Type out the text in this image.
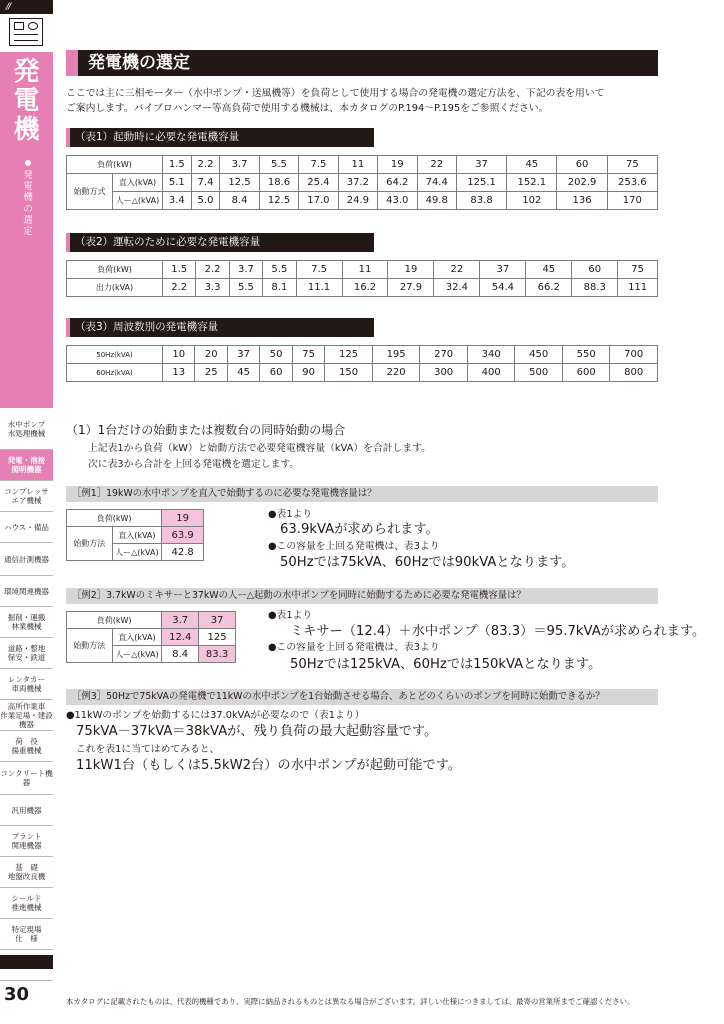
//
発
電
機
発
電
機
の
選
定
水中ポンプ
水処理機械
発電・溶接
照明機器
コンプレッサ
エア機械
ハウス・備品
通信計測機器
環境関連機器
掘削・運搬
林業機械
道路・整地
保安・鉄道
レンタカー
車両機械
高所作業車
作業足場・建設機器
荷　役
揚重機械
コンクリート機器
汎用機器
プラント
関連機器
基　礎
地盤改良機
シールド
推進機械
特定現場
仕　様
30
発電機の選定
ここでは主に三相モーター（水中ポンプ・送風機等）を負荷として使用する場合の発電機の選定方法を、下記の表を用いて
ご案内します。バイブロハンマー等高負荷で使用する機械は、本カタログのP.194～P.195をご参照ください。
（表1）起動時に必要な発電機容量
負荷(kW)		1.5	2.2	3.7	5.5	7.5	11	19	22	37	45	60	75
始動方式	直入(kVA)	5.1	7.4	12.5	18.6	25.4	37.2	64.2	74.4	125.1	152.1	202.9	253.6
	人ー△(kVA)	3.4	5.0	8.4	12.5	17.0	24.9	43.0	49.8	83.8	102	136	170
（表2）運転のために必要な発電機容量
負荷(kW)	1.5	2.2	3.7	5.5	7.5	11	19	22	37	45	60	75
出力(kVA)	2.2	3.3	5.5	8.1	11.1	16.2	27.9	32.4	54.4	66.2	88.3	111
（表3）周波数別の発電機容量
50Hz(kVA)	10	20	37	50	75	125	195	270	340	450	550	700
60Hz(kVA)	13	25	45	60	90	150	220	300	400	500	600	800
（1）1台だけの始動または複数台の同時始動の場合
上記表1から負荷（kW）と始動方法で必要発電機容量（kVA）を合計します。
次に表3から合計を上回る発電機を選定します。
［例1］19kWの水中ポンプを直入で始動するのに必要な発電機容量は？
負荷(kW)		19
始動方法	直入(kVA)	63.9
	人ー△(kVA)	42.8
●表1より
63.9kVAが求められます。
●この容量を上回る発電機は、表3より
50Hzでは75kVA、60Hzでは90kVAとなります。
［例2］3.7kWのミキサーと37kWの人ー△起動の水中ポンプを同時に始動するために必要な発電機容量は？
負荷(kW)		3.7	37
始動方法	直入(kVA)	12.4	125
	人ー△(kVA)	8.4	83.3
●表1より
ミキサー（12.4）＋水中ポンプ（83.3）＝95.7kVAが求められます。
●この容量を上回る発電機は、表3より
50Hzでは125kVA、60Hzでは150kVAとなります。
［例3］50Hzで75kVAの発電機で11kWの水中ポンプを1台始動させる場合、あとどのくらいのポンプを同時に始動できるか？
●11kWのポンプを始動するには37.0kVAが必要なので（表1より）
75kVA－37kVA＝38kVAが、残り負荷の最大起動容量です。
これを表1に当てはめてみると、
11kW1台（もしくは5.5kW2台）の水中ポンプが起動可能です。
本カタログに記載されたものは、代表的機種であり、実際に納品されるものとは異なる場合がございます。詳しい仕様につきましては、最寄の営業所までご確認ください。
